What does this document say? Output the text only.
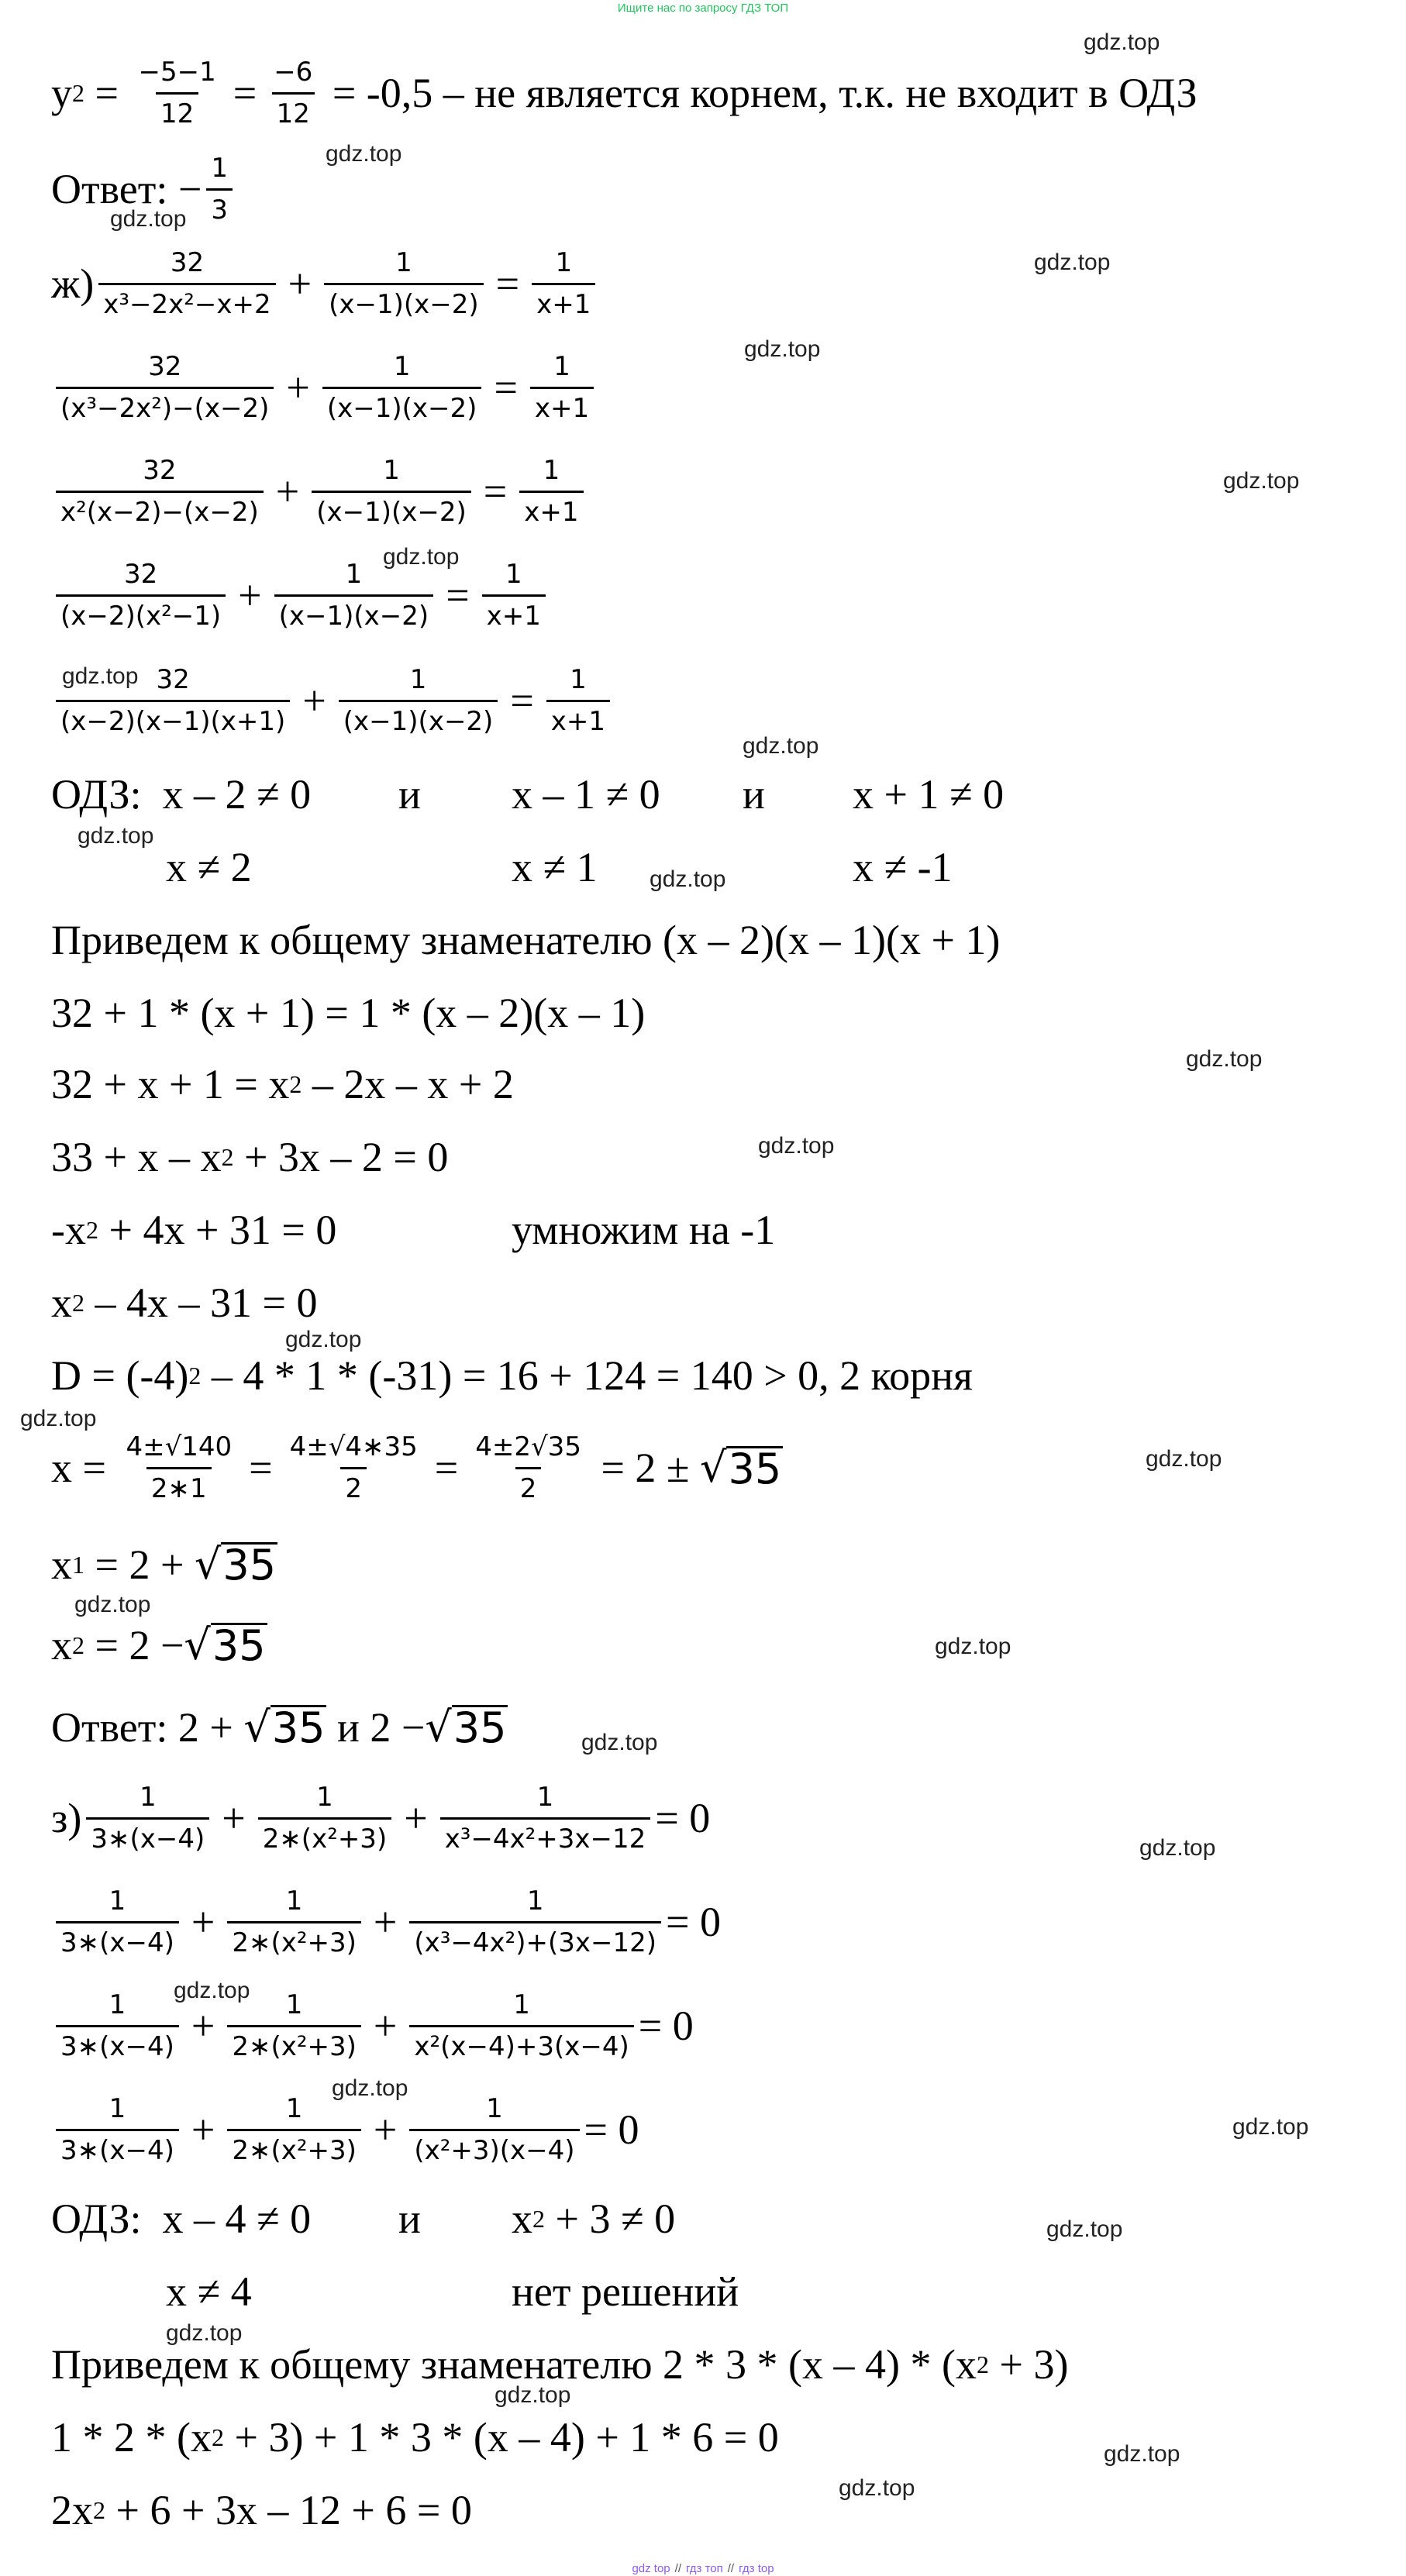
Ищите нас по запросу ГДЗ ТОП
gdz.top
gdz.top
gdz.top
gdz.top
gdz.top
gdz.top
gdz.top
gdz.top
gdz.top
gdz.top
gdz.top
gdz.top
gdz.top
gdz.top
gdz.top
gdz.top
gdz.top
gdz.top
gdz.top
gdz.top
gdz.top
gdz.top
gdz.top
gdz.top
gdz.top
gdz.top
gdz.top
gdz.top
у $2 = \frac{-5-1}{12} = \frac{-6}{12} = -0,5$ – не является корнем, т.к. не входит в ОДЗ
Ответ: − $\frac{1}{3}$
$ж) \frac{32}{\text{x³−2x²−x+2}} + \frac{1}{(x-1)(x-2)} = \frac{1}{x+1}$
$\frac{32}{\text{(x³−2x²)−(x−2)}} + \frac{1}{(x-1)(x-2)} = \frac{1}{x+1}$
$\frac{32}{\text{x²(x−2)−(x−2)}} + \frac{1}{(x-1)(x-2)} = \frac{1}{x+1}$
$\frac{32}{\text{(x−2)(x²−1)}} + \frac{1}{(x-1)(x-2)} = \frac{1}{x+1}$
$\frac{32}{(x-2)(x-1)(x+1)} + \frac{1}{(x-1)(x-2)} = \frac{1}{x+1}$
ОДЗ:  x – 2 ≠ 0 и x – 1 ≠ 0 и x + 1 ≠ 0
x ≠ 2	x ≠ 1	x ≠ -1
Приведем к общему знаменателю (x – 2)(x – 1)(x + 1)
32 + 1 * (x + 1) = 1 * (x – 2)(x – 1)
32 + x + 1 = x 2 – 2x – x + 2
33 + x – x 2 + 3x – 2 = 0
-x 2 + 4x + 31 = 0	умножим на -1
x 2 – 4x – 31 = 0
D = (-4) 2 – 4 * 1 * (-31) = 16 + 124 = 140 > 0, 2 корня
$x = \frac{4\pm√140}{2∗1} = \frac{4\pm√4∗35}{2} = \frac{4\pm 2√35}{2} = 2$ ± √ 35
x 1 = 2 + √ 35
x 2 = 2 − √ 35
Ответ: 2 + √ 35 и 2 − √ 35
$з) \frac{1}{3∗(x-4)} + \frac{1}{\text{2∗(x²+3)}} + \frac{1}{\text{x³−4x²+3x−12}} = 0$
$\frac{1}{3∗(x-4)} + \frac{1}{\text{2∗(x²+3)}} + \frac{1}{\text{(x³−4x²)+(3x−12)}} = 0$
$\frac{1}{3∗(x-4)} + \frac{1}{\text{2∗(x²+3)}} + \frac{1}{\text{x²(x−4)+3(x−4)}} = 0$
$\frac{1}{3∗(x-4)} + \frac{1}{\text{2∗(x²+3)}} + \frac{1}{\text{(x²+3)(x−4)}} = 0$
ОДЗ:  x – 4 ≠ 0 и x 2 + 3 ≠ 0
x ≠ 4	нет решений
Приведем к общему знаменателю 2 * 3 * (x – 4) * (x 2 + 3)
1 * 2 * (x 2 + 3) + 1 * 3 * (x – 4) + 1 * 6 = 0
2x 2 + 6 + 3x – 12 + 6 = 0
gdz top // гдз топ // гдз top
